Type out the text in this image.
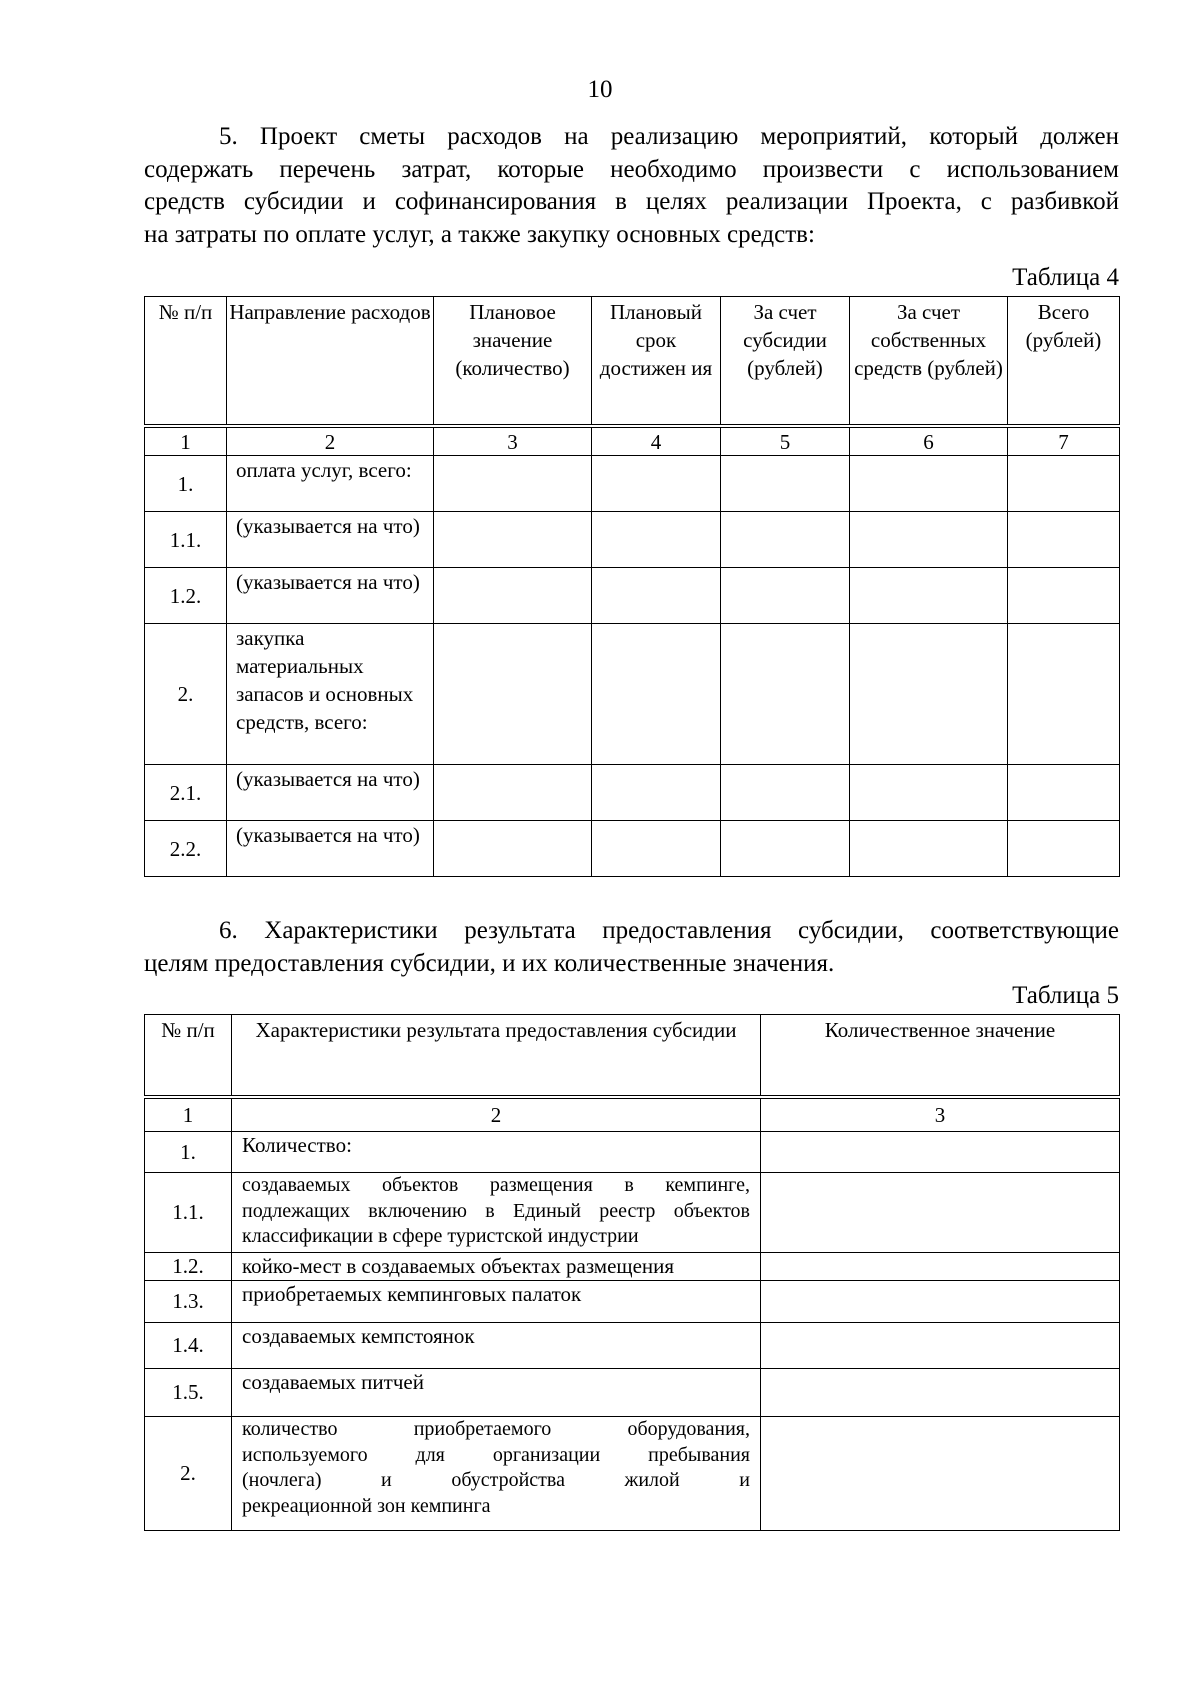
10
5. Проект сметы расходов на реализацию мероприятий, который должен
содержать перечень затрат, которые необходимо произвести с использованием
средств субсидии и софинансирования в целях реализации Проекта, с разбивкой
на затраты по оплате услуг, а также закупку основных средств:
Таблица 4
№ п/п	Направление расходов	Плановое значение (количество)	Плановый срок достижен ия	За счет субсидии (рублей)	За счет собственных средств (рублей)	Всего (рублей)
1	2	3	4	5	6	7
1.	оплата услуг, всего:					
1.1.	(указывается на что)					
1.2.	(указывается на что)					
2.	закупка материальных запасов и основных средств, всего:					
2.1.	(указывается на что)					
2.2.	(указывается на что)					
6. Характеристики результата предоставления субсидии, соответствующие
целям предоставления субсидии, и их количественные значения.
Таблица 5
№ п/п	Характеристики результата предоставления субсидии	Количественное значение
1	2	3
1.	Количество:	
1.1.	создаваемых объектов размещения в кемпинге,
подлежащих включению в Единый реестр объектов
классификации в сфере туристской индустрии	

1.2.	койко-мест в создаваемых объектах размещения	
1.3.	приобретаемых кемпинговых палаток	
1.4.	создаваемых кемпстоянок	
1.5.	создаваемых питчей	
2.	количество приобретаемого оборудования,
используемого для организации пребывания
(ночлега) и обустройства жилой и
рекреационной зон кемпинга	
